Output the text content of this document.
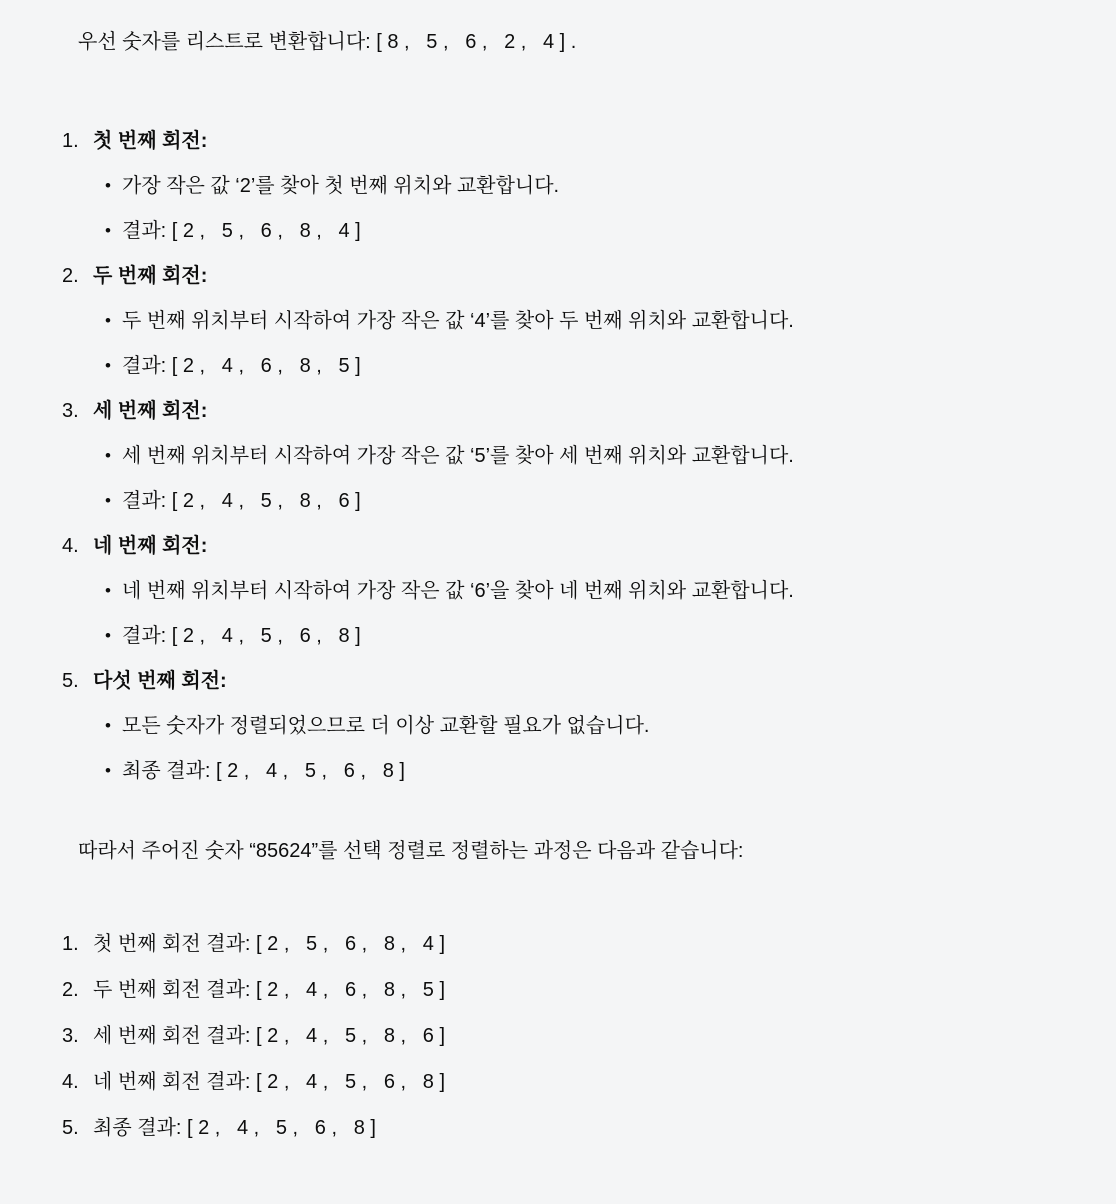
우선 숫자를 리스트로 변환합니다: [ 8 ,   5 ,   6 ,   2 ,   4 ] .

첫 번째 회전:
• 가장 작은 값 ‘2’를 찾아 첫 번째 위치와 교환합니다.
• 결과: [ 2 ,   5 ,   6 ,   8 ,   4 ]
두 번째 회전:
• 두 번째 위치부터 시작하여 가장 작은 값 ‘4’를 찾아 두 번째 위치와 교환합니다.
• 결과: [ 2 ,   4 ,   6 ,   8 ,   5 ]
세 번째 회전:
• 세 번째 위치부터 시작하여 가장 작은 값 ‘5’를 찾아 세 번째 위치와 교환합니다.
• 결과: [ 2 ,   4 ,   5 ,   8 ,   6 ]
네 번째 회전:
• 네 번째 위치부터 시작하여 가장 작은 값 ‘6’을 찾아 네 번째 위치와 교환합니다.
• 결과: [ 2 ,   4 ,   5 ,   6 ,   8 ]
다섯 번째 회전:
• 모든 숫자가 정렬되었으므로 더 이상 교환할 필요가 없습니다.
• 최종 결과: [ 2 ,   4 ,   5 ,   6 ,   8 ]

따라서 주어진 숫자 “85624”를 선택 정렬로 정렬하는 과정은 다음과 같습니다:

첫 번째 회전 결과: [ 2 ,   5 ,   6 ,   8 ,   4 ]
두 번째 회전 결과: [ 2 ,   4 ,   6 ,   8 ,   5 ]
세 번째 회전 결과: [ 2 ,   4 ,   5 ,   8 ,   6 ]
네 번째 회전 결과: [ 2 ,   4 ,   5 ,   6 ,   8 ]
최종 결과: [ 2 ,   4 ,   5 ,   6 ,   8 ]
